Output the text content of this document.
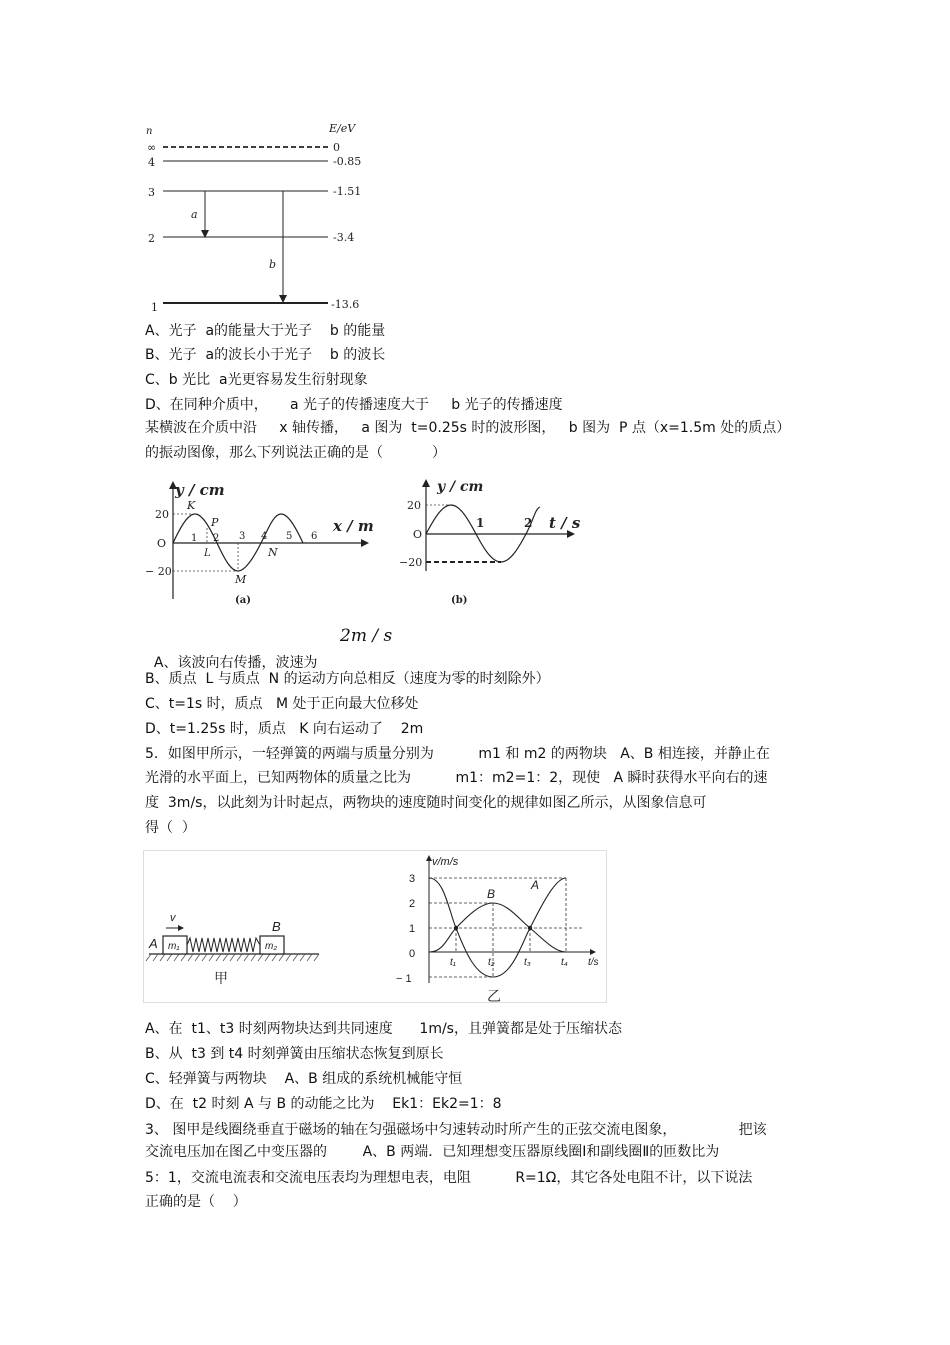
n	E/eV
∞
4
3
2
1
0
-0.85
-1.51
-3.4
-13.6
a
b
A、光子  a的能量大于光子    b 的能量
B、光子  a的波长小于光子    b 的波长
C、b 光比  a光更容易发生衍射现象
D、在同种介质中，     a 光子的传播速度大于     b 光子的传播速度
某横波在介质中沿     x 轴传播，   a 图为  t=0.25s 时的波形图，   b 图为  P 点（x=1.5m 处的质点）
的振动图像，那么下列说法正确的是（           ）
y / cm
x / m
20
O
− 20
1 2 3 4 5 6
K
P
L
M
N
(a)
y / cm
t / s
20
O
−20
1	2
(b)

A、该波向右传播，波速为

2m / s

B、质点  L 与质点  N 的运动方向总相反（速度为零的时刻除外）
C、t=1s 时，质点   M 处于正向最大位移处
D、t=1.25s 时，质点   K 向右运动了    2m
5．如图甲所示，一轻弹簧的两端与质量分别为          m1 和 m2 的两物块   A、B 相连接，并静止在
光滑的水平面上，已知两物体的质量之比为          m1：m2=1：2，现使   A 瞬时获得水平向右的速
度  3m/s，以此刻为计时起点，两物块的速度随时间变化的规律如图乙所示，从图象信息可
得（  ）
v
A
B
m₁	m₂
甲
v/m/s
t/s
3
2
1
0
− 1
A
B
t₁	t₂	t₃	t₄
乙
A、在  t1、t3 时刻两物块达到共同速度      1m/s，且弹簧都是处于压缩状态
B、从  t3 到 t4 时刻弹簧由压缩状态恢复到原长
C、轻弹簧与两物块    A、B 组成的系统机械能守恒
D、在  t2 时刻 A 与 B 的动能之比为    Ek1：Ek2=1：8
3、 图甲是线圈绕垂直于磁场的轴在匀强磁场中匀速转动时所产生的正弦交流电图象，              把该
交流电压加在图乙中变压器的        A、B 两端．已知理想变压器原线圈Ⅰ和副线圈Ⅱ的匝数比为
5：1，交流电流表和交流电压表均为理想电表，电阻          R=1Ω，其它各处电阻不计，以下说法
正确的是（    ）
